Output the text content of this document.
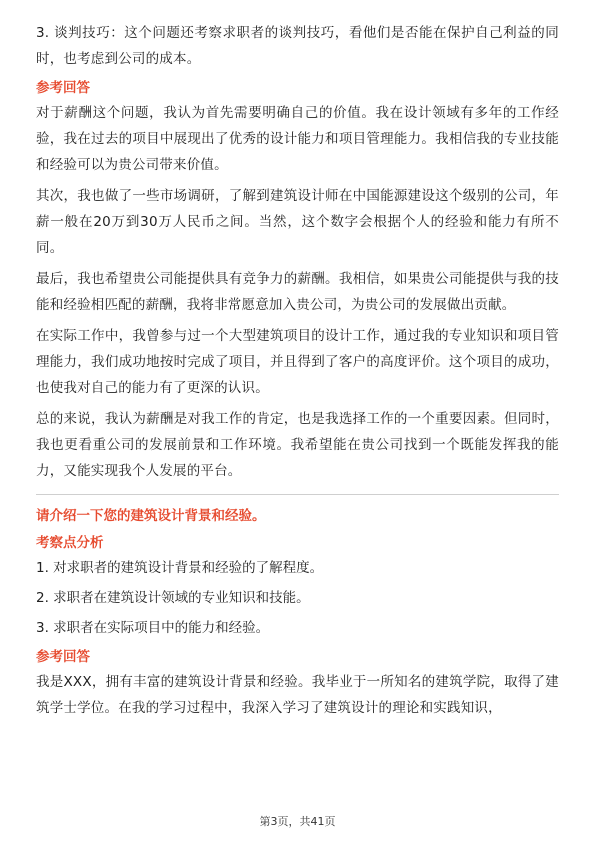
3. 谈判技巧：这个问题还考察求职者的谈判技巧，看他们是否能在保护自己利益的同时，也考虑到公司的成本。

参考回答

对于薪酬这个问题，我认为首先需要明确自己的价值。我在设计领域有多年的工作经验，我在过去的项目中展现出了优秀的设计能力和项目管理能力。我相信我的专业技能和经验可以为贵公司带来价值。

其次，我也做了一些市场调研，了解到建筑设计师在中国能源建设这个级别的公司，年薪一般在20万到30万人民币之间。当然，这个数字会根据个人的经验和能力有所不同。

最后，我也希望贵公司能提供具有竞争力的薪酬。我相信，如果贵公司能提供与我的技能和经验相匹配的薪酬，我将非常愿意加入贵公司，为贵公司的发展做出贡献。

在实际工作中，我曾参与过一个大型建筑项目的设计工作，通过我的专业知识和项目管理能力，我们成功地按时完成了项目，并且得到了客户的高度评价。这个项目的成功，也使我对自己的能力有了更深的认识。

总的来说，我认为薪酬是对我工作的肯定，也是我选择工作的一个重要因素。但同时，我也更看重公司的发展前景和工作环境。我希望能在贵公司找到一个既能发挥我的能力，又能实现我个人发展的平台。

请介绍一下您的建筑设计背景和经验。
考察点分析
1. 对求职者的建筑设计背景和经验的了解程度。
2. 求职者在建筑设计领域的专业知识和技能。
3. 求职者在实际项目中的能力和经验。
参考回答

我是XXX，拥有丰富的建筑设计背景和经验。我毕业于一所知名的建筑学院，取得了建筑学士学位。在我的学习过程中，我深入学习了建筑设计的理论和实践知识，

第3页，共41页
